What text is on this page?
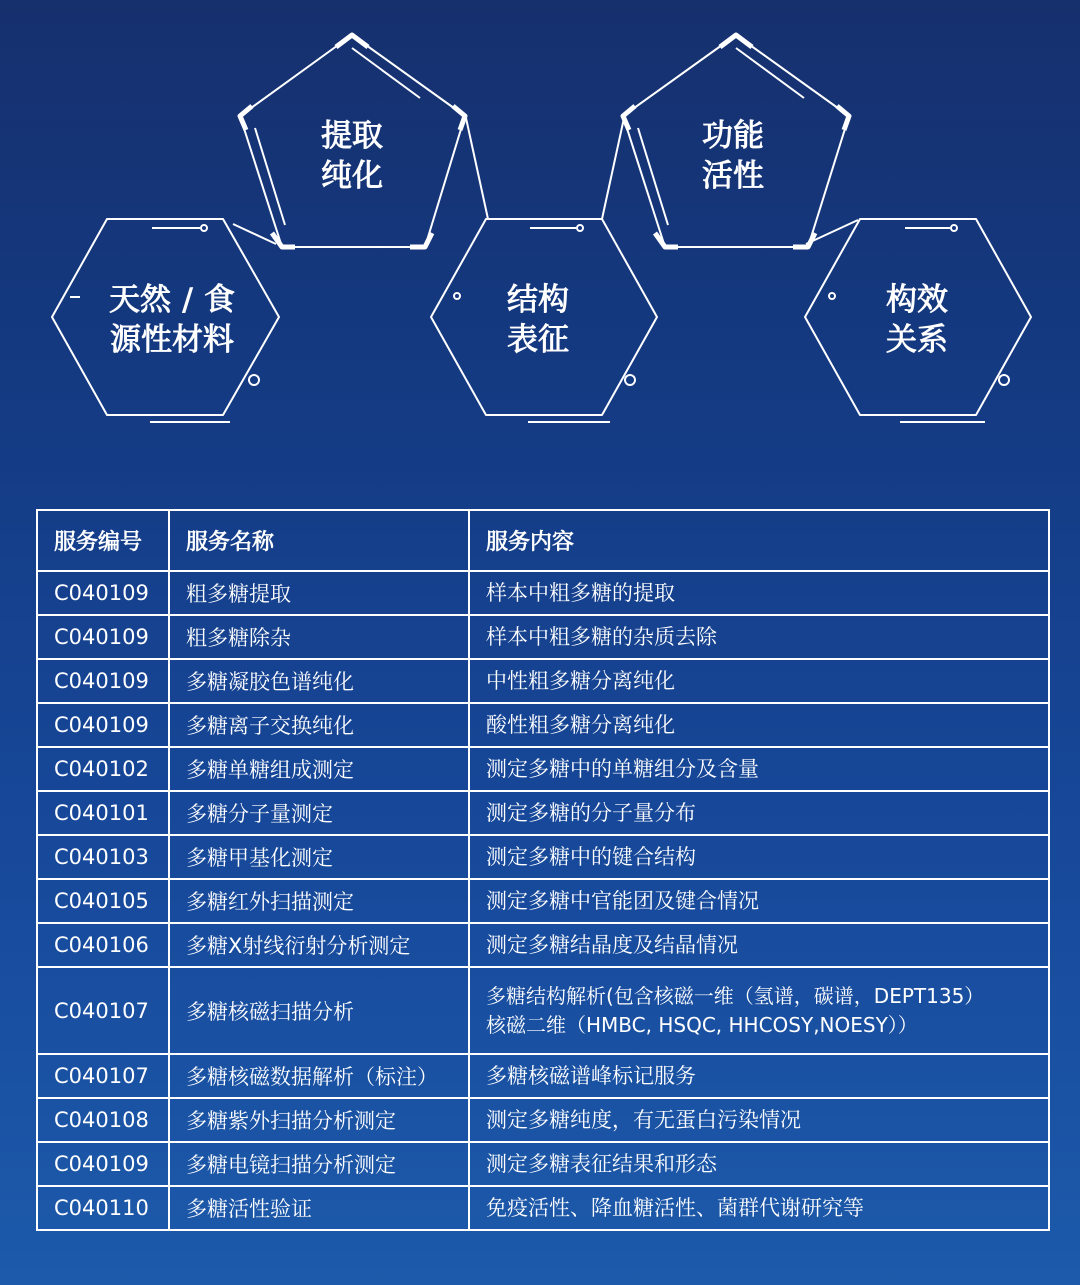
天然 / 食
源性材料
提取
纯化
结构
表征
功能
活性
构效
关系
服务编号	服务名称	服务内容
C040109	粗多糖提取	样本中粗多糖的提取

C040109	粗多糖除杂	样本中粗多糖的杂质去除

C040109	多糖凝胶色谱纯化	中性粗多糖分离纯化

C040109	多糖离子交换纯化	酸性粗多糖分离纯化

C040102	多糖单糖组成测定	测定多糖中的单糖组分及含量

C040101	多糖分子量测定	测定多糖的分子量分布

C040103	多糖甲基化测定	测定多糖中的键合结构

C040105	多糖红外扫描测定	测定多糖中官能团及键合情况

C040106	多糖X射线衍射分析测定	测定多糖结晶度及结晶情况

C040107	多糖核磁扫描分析	多糖结构解析(包含核磁一维（氢谱，碳谱，DEPT135）
核磁二维（HMBC, HSQC, HHCOSY,NOESY））

C040107	多糖核磁数据解析（标注）	多糖核磁谱峰标记服务

C040108	多糖紫外扫描分析测定	测定多糖纯度，有无蛋白污染情况

C040109	多糖电镜扫描分析测定	测定多糖表征结果和形态

C040110	多糖活性验证	免疫活性、降血糖活性、菌群代谢研究等
